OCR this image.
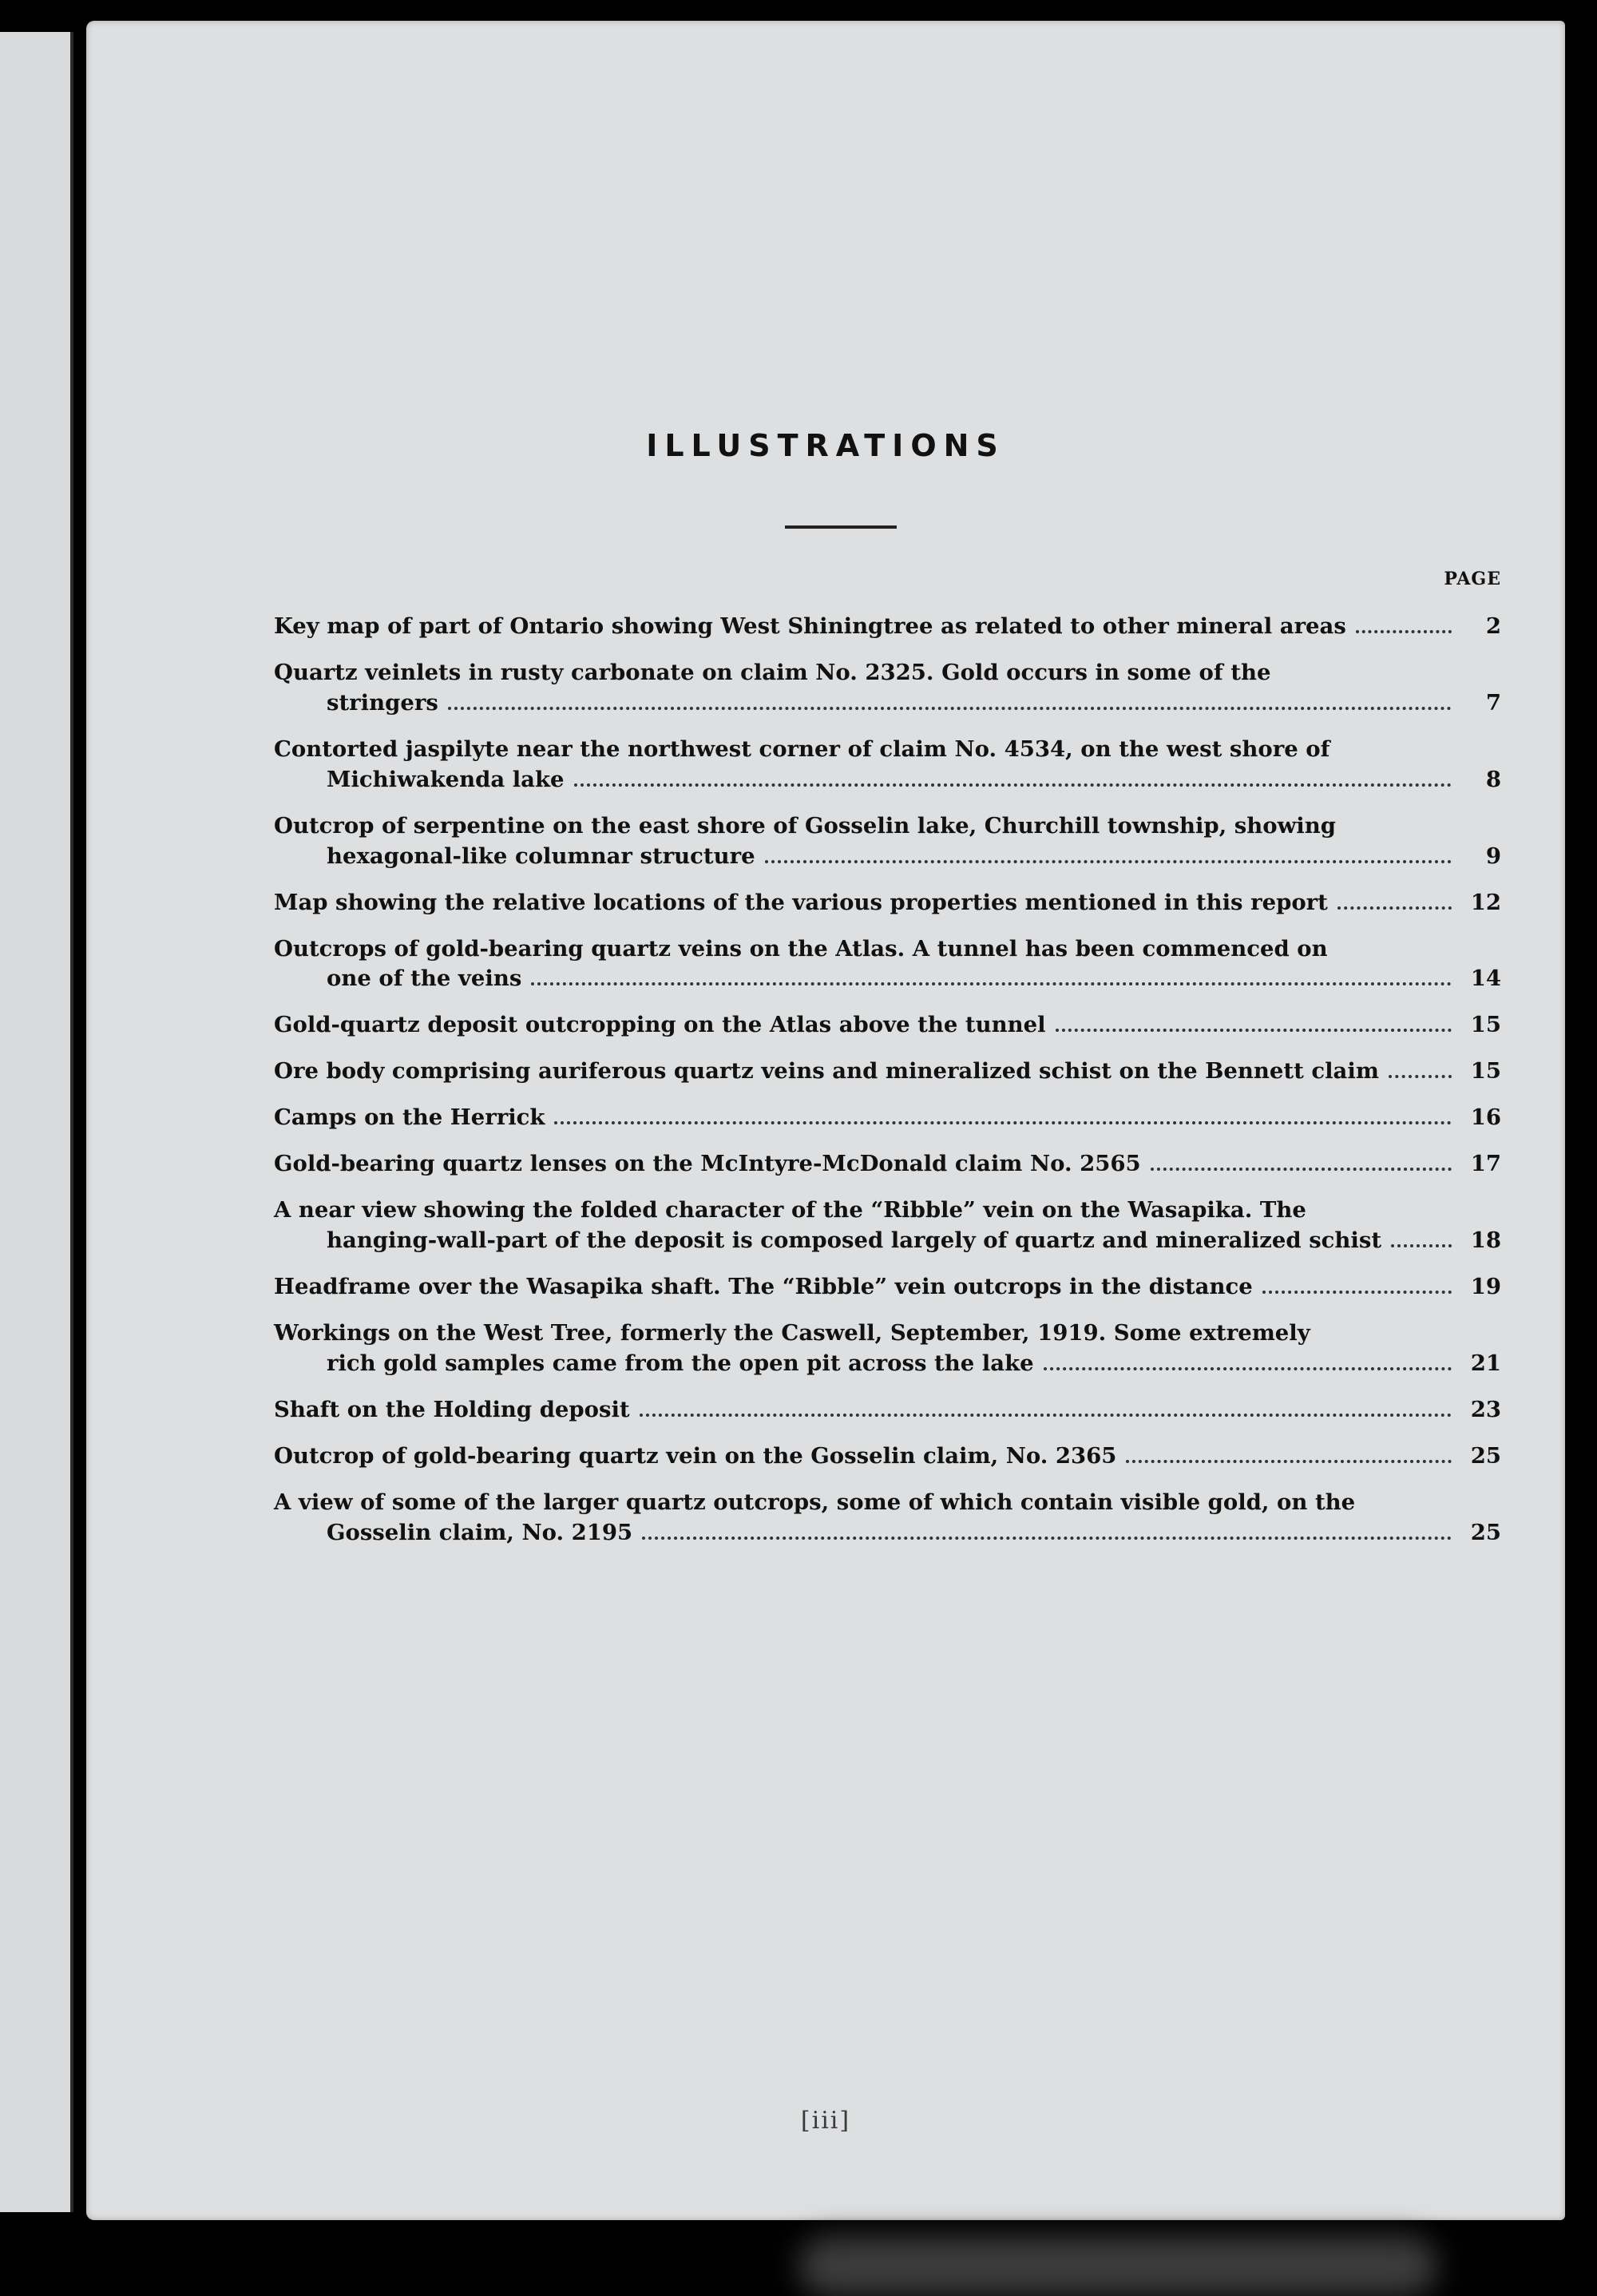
ILLUSTRATIONS
PAGE
Key map of part of Ontario showing West Shiningtree as related to other mineral areas	2
Quartz veinlets in rusty carbonate on claim No. 2325. Gold occurs in some of the
stringers	7
Contorted jaspilyte near the northwest corner of claim No. 4534, on the west shore of
Michiwakenda lake	8
Outcrop of serpentine on the east shore of Gosselin lake, Churchill township, showing
hexagonal-like columnar structure	9
Map showing the relative locations of the various properties mentioned in this report	12
Outcrops of gold-bearing quartz veins on the Atlas. A tunnel has been commenced on
one of the veins	14
Gold-quartz deposit outcropping on the Atlas above the tunnel	15
Ore body comprising auriferous quartz veins and mineralized schist on the Bennett claim	15
Camps on the Herrick	16
Gold-bearing quartz lenses on the McIntyre-McDonald claim No. 2565	17
A near view showing the folded character of the “Ribble” vein on the Wasapika. The
hanging-wall-part of the deposit is composed largely of quartz and mineralized schist	18
Headframe over the Wasapika shaft. The “Ribble” vein outcrops in the distance	19
Workings on the West Tree, formerly the Caswell, September, 1919. Some extremely
rich gold samples came from the open pit across the lake	21
Shaft on the Holding deposit	23
Outcrop of gold-bearing quartz vein on the Gosselin claim, No. 2365	25
A view of some of the larger quartz outcrops, some of which contain visible gold, on the
Gosselin claim, No. 2195	25
[iii]
